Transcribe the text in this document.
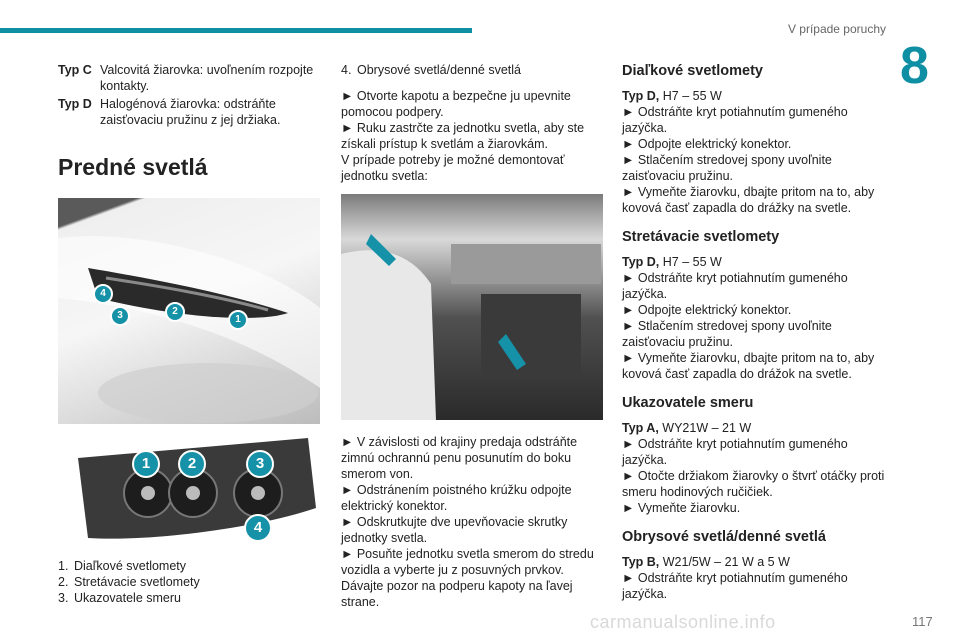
V prípade poruchy
8
Typ C Valcovitá žiarovka: uvoľnením rozpojte kontakty.
Typ D Halogénová žiarovka: odstráňte zaisťovaciu pružinu z jej držiaka.
Predné svetlá
4
3	2
1
1	2	3
4
1. Diaľkové svetlomety
2. Stretávacie svetlomety
3. Ukazovatele smeru
4. Obrysové svetlá/denné svetlá

► Otvorte kapotu a bezpečne ju upevnite pomocou podpery.

► Ruku zastrčte za jednotku svetla, aby ste získali prístup k svetlám a žiarovkám.

V prípade potreby je možné demontovať jednotku svetla:

► V závislosti od krajiny predaja odstráňte zimnú ochrannú penu posunutím do boku smerom von.

► Odstránením poistného krúžku odpojte elektrický konektor.

► Odskrutkujte dve upevňovacie skrutky jednotky svetla.

► Posuňte jednotku svetla smerom do stredu vozidla a vyberte ju z posuvných prvkov. Dávajte pozor na podperu kapoty na ľavej strane.

Diaľkové svetlomety

Typ D, H7 – 55 W

► Odstráňte kryt potiahnutím gumeného jazýčka.

► Odpojte elektrický konektor.

► Stlačením stredovej spony uvoľnite zaisťovaciu pružinu.

► Vymeňte žiarovku, dbajte pritom na to, aby kovová časť zapadla do drážky na svetle.

Stretávacie svetlomety

Typ D, H7 – 55 W

► Odstráňte kryt potiahnutím gumeného jazýčka.

► Odpojte elektrický konektor.

► Stlačením stredovej spony uvoľnite zaisťovaciu pružinu.

► Vymeňte žiarovku, dbajte pritom na to, aby kovová časť zapadla do drážok na svetle.

Ukazovatele smeru

Typ A, WY21W – 21 W

► Odstráňte kryt potiahnutím gumeného jazýčka.

► Otočte držiakom žiarovky o štvrť otáčky proti smeru hodinových ručičiek.

► Vymeňte žiarovku.

Obrysové svetlá/denné svetlá

Typ B, W21/5W – 21 W a 5 W

► Odstráňte kryt potiahnutím gumeného jazýčka.

carmanualsonline.info	117
